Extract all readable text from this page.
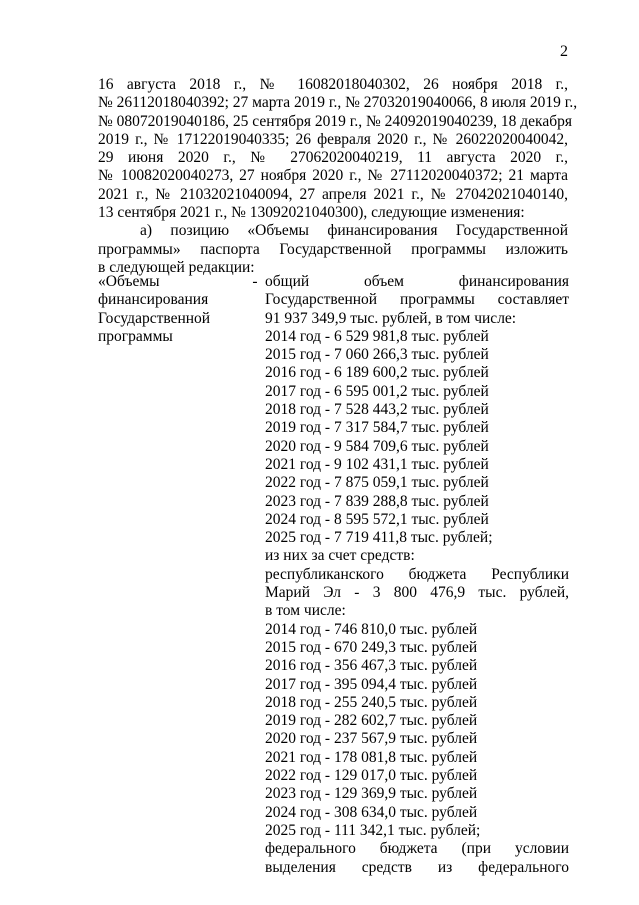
2
16 августа 2018 г., № 16082018040302, 26 ноября 2018 г.,
№ 26112018040392; 27 марта 2019 г., № 27032019040066, 8 июля 2019 г.,
№ 08072019040186, 25 сентября 2019 г., № 24092019040239, 18 декабря
2019 г., № 17122019040335; 26 февраля 2020 г., № 26022020040042,
29 июня 2020 г., № 27062020040219, 11 августа 2020 г.,
№ 10082020040273, 27 ноября 2020 г., № 27112020040372; 21 марта
2021 г., № 21032021040094, 27 апреля 2021 г., № 27042021040140,
13 сентября 2021 г., № 13092021040300), следующие изменения:
а) позицию «Объемы финансирования Государственной
программы» паспорта Государственной программы изложить
в следующей редакции:
«Объемы
финансирования
Государственной
программы
- общий объем финансирования
Государственной программы составляет
91 937 349,9 тыс. рублей, в том числе:
2014 год - 6 529 981,8 тыс. рублей
2015 год - 7 060 266,3 тыс. рублей
2016 год - 6 189 600,2 тыс. рублей
2017 год - 6 595 001,2 тыс. рублей
2018 год - 7 528 443,2 тыс. рублей
2019 год - 7 317 584,7 тыс. рублей
2020 год - 9 584 709,6 тыс. рублей
2021 год - 9 102 431,1 тыс. рублей
2022 год - 7 875 059,1 тыс. рублей
2023 год - 7 839 288,8 тыс. рублей
2024 год - 8 595 572,1 тыс. рублей
2025 год - 7 719 411,8 тыс. рублей;
из них за счет средств:
республиканского бюджета Республики
Марий Эл - 3 800 476,9 тыс. рублей,
в том числе:
2014 год - 746 810,0 тыс. рублей
2015 год - 670 249,3 тыс. рублей
2016 год - 356 467,3 тыс. рублей
2017 год - 395 094,4 тыс. рублей
2018 год - 255 240,5 тыс. рублей
2019 год - 282 602,7 тыс. рублей
2020 год - 237 567,9 тыс. рублей
2021 год - 178 081,8 тыс. рублей
2022 год - 129 017,0 тыс. рублей
2023 год - 129 369,9 тыс. рублей
2024 год - 308 634,0 тыс. рублей
2025 год - 111 342,1 тыс. рублей;
федерального бюджета (при условии
выделения средств из федерального
